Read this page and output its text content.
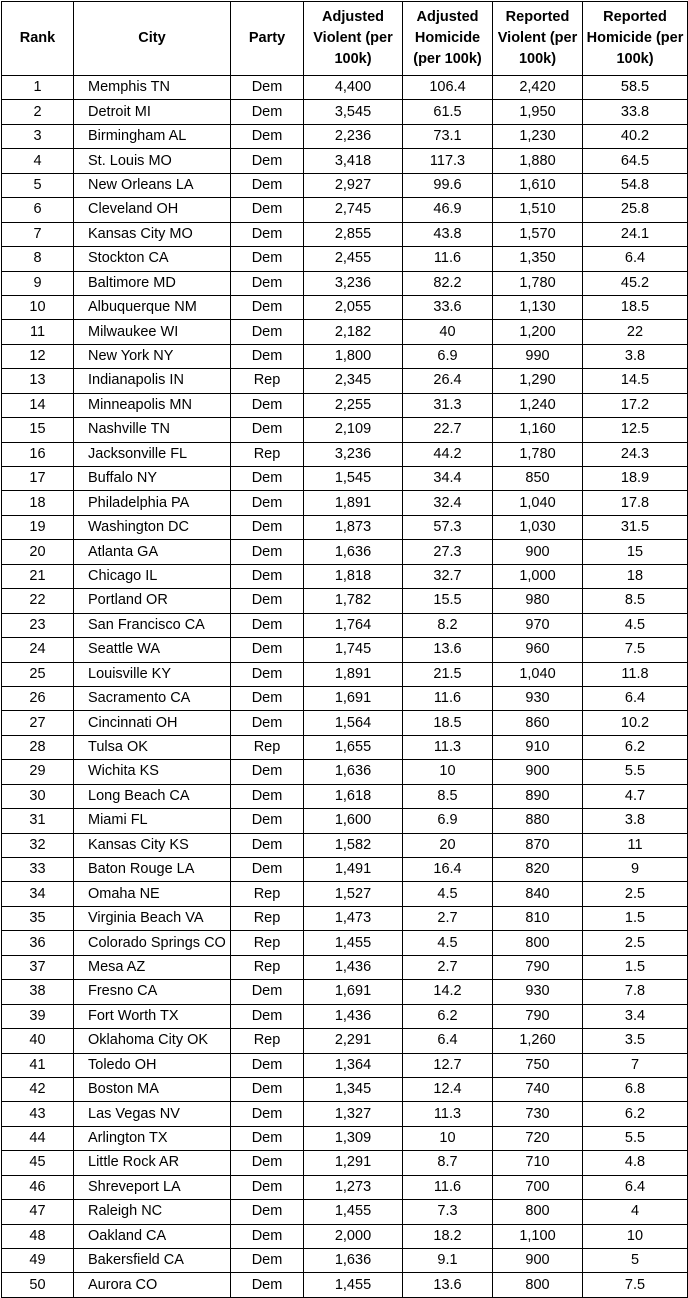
Rank	City	Party	Adjusted Violent (per 100k)	Adjusted Homicide (per 100k)	Reported Violent (per 100k)	Reported Homicide (per 100k)
1	Memphis TN	Dem	4,400	106.4	2,420	58.5
2	Detroit MI	Dem	3,545	61.5	1,950	33.8
3	Birmingham AL	Dem	2,236	73.1	1,230	40.2
4	St. Louis MO	Dem	3,418	117.3	1,880	64.5
5	New Orleans LA	Dem	2,927	99.6	1,610	54.8
6	Cleveland OH	Dem	2,745	46.9	1,510	25.8
7	Kansas City MO	Dem	2,855	43.8	1,570	24.1
8	Stockton CA	Dem	2,455	11.6	1,350	6.4
9	Baltimore MD	Dem	3,236	82.2	1,780	45.2
10	Albuquerque NM	Dem	2,055	33.6	1,130	18.5
11	Milwaukee WI	Dem	2,182	40	1,200	22
12	New York NY	Dem	1,800	6.9	990	3.8
13	Indianapolis IN	Rep	2,345	26.4	1,290	14.5
14	Minneapolis MN	Dem	2,255	31.3	1,240	17.2
15	Nashville TN	Dem	2,109	22.7	1,160	12.5
16	Jacksonville FL	Rep	3,236	44.2	1,780	24.3
17	Buffalo NY	Dem	1,545	34.4	850	18.9
18	Philadelphia PA	Dem	1,891	32.4	1,040	17.8
19	Washington DC	Dem	1,873	57.3	1,030	31.5
20	Atlanta GA	Dem	1,636	27.3	900	15
21	Chicago IL	Dem	1,818	32.7	1,000	18
22	Portland OR	Dem	1,782	15.5	980	8.5
23	San Francisco CA	Dem	1,764	8.2	970	4.5
24	Seattle WA	Dem	1,745	13.6	960	7.5
25	Louisville KY	Dem	1,891	21.5	1,040	11.8
26	Sacramento CA	Dem	1,691	11.6	930	6.4
27	Cincinnati OH	Dem	1,564	18.5	860	10.2
28	Tulsa OK	Rep	1,655	11.3	910	6.2
29	Wichita KS	Dem	1,636	10	900	5.5
30	Long Beach CA	Dem	1,618	8.5	890	4.7
31	Miami FL	Dem	1,600	6.9	880	3.8
32	Kansas City KS	Dem	1,582	20	870	11
33	Baton Rouge LA	Dem	1,491	16.4	820	9
34	Omaha NE	Rep	1,527	4.5	840	2.5
35	Virginia Beach VA	Rep	1,473	2.7	810	1.5
36	Colorado Springs CO	Rep	1,455	4.5	800	2.5
37	Mesa AZ	Rep	1,436	2.7	790	1.5
38	Fresno CA	Dem	1,691	14.2	930	7.8
39	Fort Worth TX	Dem	1,436	6.2	790	3.4
40	Oklahoma City OK	Rep	2,291	6.4	1,260	3.5
41	Toledo OH	Dem	1,364	12.7	750	7
42	Boston MA	Dem	1,345	12.4	740	6.8
43	Las Vegas NV	Dem	1,327	11.3	730	6.2
44	Arlington TX	Dem	1,309	10	720	5.5
45	Little Rock AR	Dem	1,291	8.7	710	4.8
46	Shreveport LA	Dem	1,273	11.6	700	6.4
47	Raleigh NC	Dem	1,455	7.3	800	4
48	Oakland CA	Dem	2,000	18.2	1,100	10
49	Bakersfield CA	Dem	1,636	9.1	900	5
50	Aurora CO	Dem	1,455	13.6	800	7.5
